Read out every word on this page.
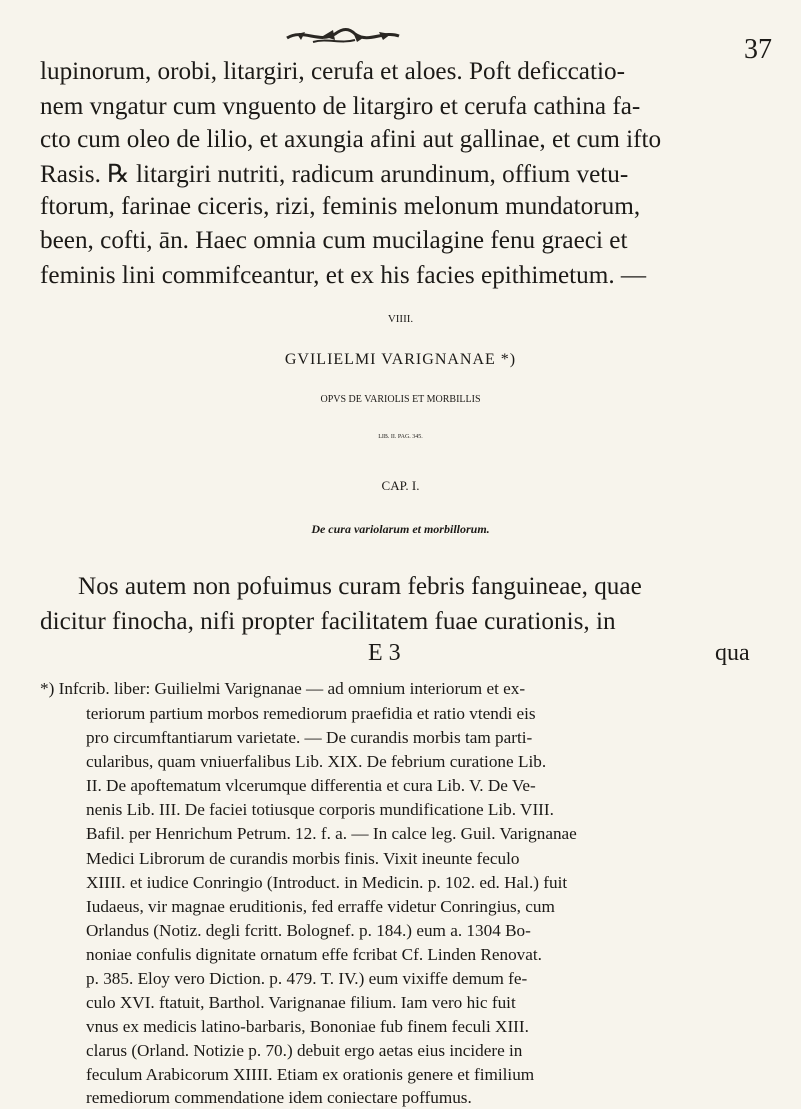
37
lupinorum, orobi, litargiri, cerufa et aloes. Poft deficcatio-
nem vngatur cum vnguento de litargiro et cerufa cathina fa-
cto cum oleo de lilio, et axungia afini aut gallinae, et cum ifto
Rasis. ℞ litargiri nutriti, radicum arundinum, offium vetu-
ftorum, farinae ciceris, rizi, feminis melonum mundatorum,
been, cofti, ān. Haec omnia cum mucilagine fenu graeci et
feminis lini commifceantur, et ex his facies epithimetum. —
VIIII.
GVILIELMI VARIGNANAE *)
OPVS DE VARIOLIS ET MORBILLIS
LIB. II. PAG. 345.
CAP. I.
De cura variolarum et morbillorum.
Nos autem non pofuimus curam febris fanguineae, quae
dicitur finocha, nifi propter facilitatem fuae curationis, in
E 3	qua
*) Infcrib. liber: Guilielmi Varignanae — ad omnium interiorum et ex-
teriorum partium morbos remediorum praefidia et ratio vtendi eis
pro circumftantiarum varietate. — De curandis morbis tam parti-
cularibus, quam vniuerfalibus Lib. XIX. De febrium curatione Lib.
II. De apoftematum vlcerumque differentia et cura Lib. V. De Ve-
nenis Lib. III. De faciei totiusque corporis mundificatione Lib. VIII.
Bafil. per Henrichum Petrum. 12. f. a. — In calce leg. Guil. Varignanae
Medici Librorum de curandis morbis finis. Vixit ineunte feculo
XIIII. et iudice Conringio (Introduct. in Medicin. p. 102. ed. Hal.) fuit
Iudaeus, vir magnae eruditionis, fed erraffe videtur Conringius, cum
Orlandus (Notiz. degli fcritt. Bolognef. p. 184.) eum a. 1304 Bo-
noniae confulis dignitate ornatum effe fcribat Cf. Linden Renovat.
p. 385. Eloy vero Diction. p. 479. T. IV.) eum vixiffe demum fe-
culo XVI. ftatuit, Barthol. Varignanae filium. Iam vero hic fuit
vnus ex medicis latino-barbaris, Bononiae fub finem feculi XIII.
clarus (Orland. Notizie p. 70.) debuit ergo aetas eius incidere in
feculum Arabicorum XIIII. Etiam ex orationis genere et fimilium
remediorum commendatione idem coniectare poffumus.
